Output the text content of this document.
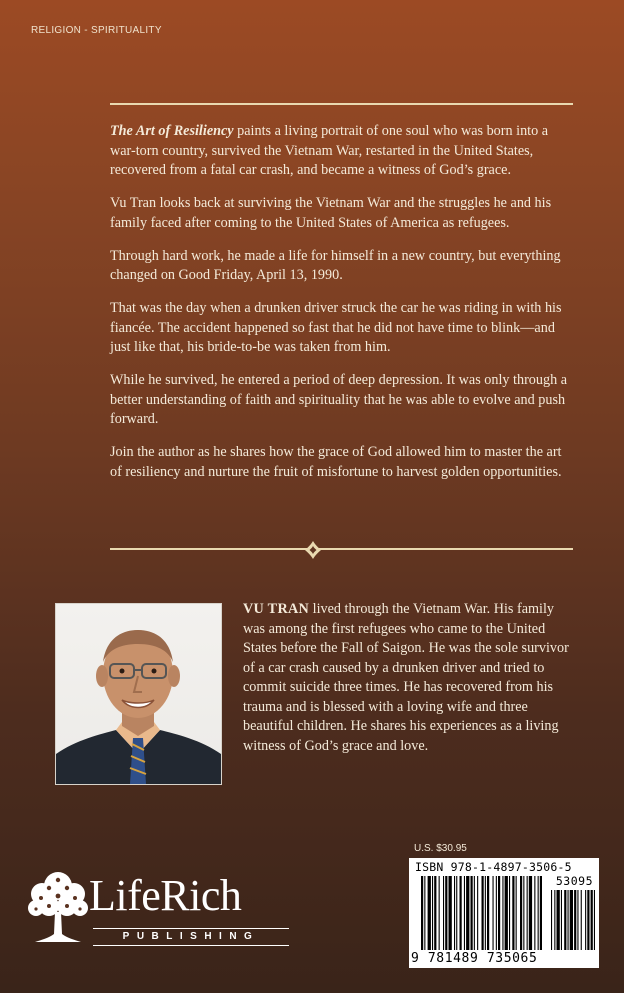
RELIGION - SPIRITUALITY

The Art of Resiliency paints a living portrait of one soul who was born into a war-torn country, survived the Vietnam War, restarted in the United States, recovered from a fatal car crash, and became a witness of God’s grace.

Vu Tran looks back at surviving the Vietnam War and the struggles he and his family faced after coming to the United States of America as refugees.

Through hard work, he made a life for himself in a new country, but everything changed on Good Friday, April 13, 1990.

That was the day when a drunken driver struck the car he was riding in with his fiancée. The accident happened so fast that he did not have time to blink—and just like that, his bride-to-be was taken from him.

While he survived, he entered a period of deep depression. It was only through a better understanding of faith and spirituality that he was able to evolve and push forward.

Join the author as he shares how the grace of God allowed him to master the art of resiliency and nurture the fruit of misfortune to harvest golden opportunities.

VU TRAN lived through the Vietnam War. His family was among the first refugees who came to the United States before the Fall of Saigon. He was the sole survivor of a car crash caused by a drunken driver and tried to commit suicide three times. He has recovered from his trauma and is blessed with a loving wife and three beautiful children. He shares his experiences as a living witness of God’s grace and love.
U.S. $30.95
ISBN 978-1-4897-3506-5
53095
9 781489 735065
LifeRich
PUBLISHING
